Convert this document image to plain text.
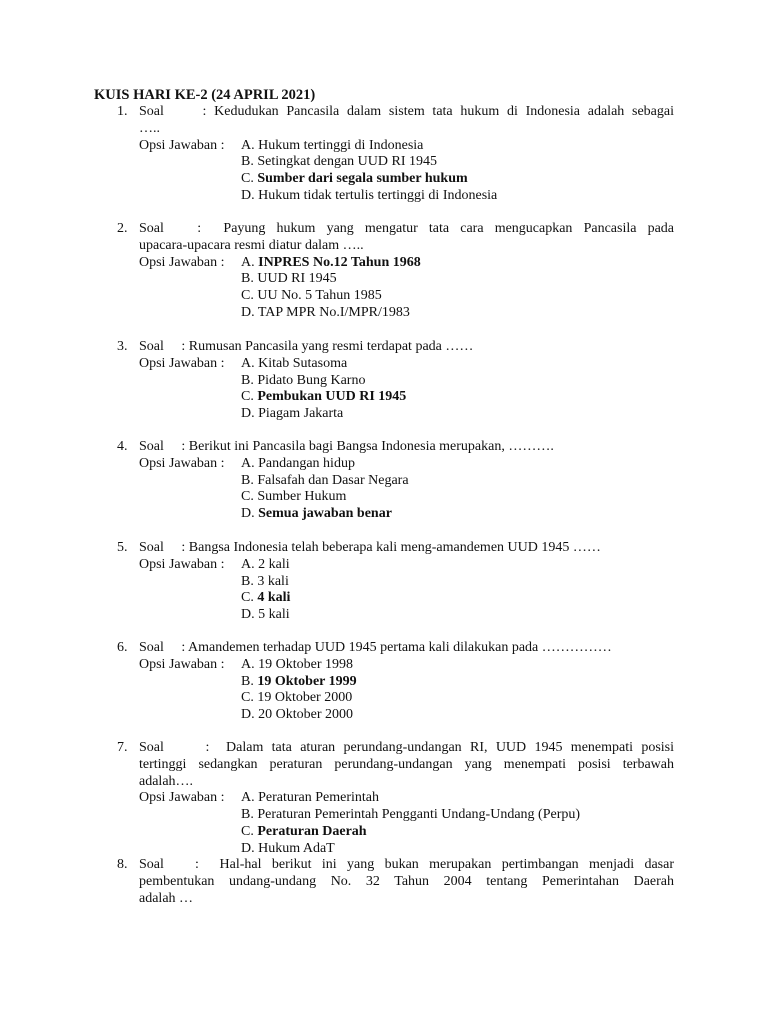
KUIS HARI KE-2 (24 APRIL 2021)
1. Soal     : Kedudukan Pancasila dalam sistem tata hukum di Indonesia adalah sebagai
…..
Opsi Jawaban :	A. Hukum tertinggi di Indonesia
B. Setingkat dengan UUD RI 1945
C. Sumber dari segala sumber hukum
D. Hukum tidak tertulis tertinggi di Indonesia
2. Soal   :  Payung hukum yang mengatur tata cara mengucapkan Pancasila pada
upacara-upacara resmi diatur dalam …..
Opsi Jawaban :	A. INPRES No.12 Tahun 1968
B. UUD RI 1945
C. UU No. 5 Tahun 1985
D. TAP MPR No.I/MPR/1983
3. Soal     : Rumusan Pancasila yang resmi terdapat pada ……
Opsi Jawaban :	A. Kitab Sutasoma
B. Pidato Bung Karno
C. Pembukan UUD RI 1945
D. Piagam Jakarta
4. Soal     : Berikut ini Pancasila bagi Bangsa Indonesia merupakan, ……….
Opsi Jawaban :	A. Pandangan hidup
B. Falsafah dan Dasar Negara
C. Sumber Hukum
D. Semua jawaban benar
5. Soal     : Bangsa Indonesia telah beberapa kali meng-amandemen UUD 1945 ……
Opsi Jawaban :	A. 2 kali
B. 3 kali
C. 4 kali
D. 5 kali
6. Soal     : Amandemen terhadap UUD 1945 pertama kali dilakukan pada ……………
Opsi Jawaban :	A. 19 Oktober 1998
B. 19 Oktober 1999
C. 19 Oktober 2000
D. 20 Oktober 2000
7. Soal     :  Dalam tata aturan perundang-undangan RI, UUD 1945 menempati posisi
tertinggi sedangkan peraturan perundang-undangan yang menempati posisi terbawah
adalah….
Opsi Jawaban :	A. Peraturan Pemerintah
B. Peraturan Pemerintah Pengganti Undang-Undang (Perpu)
C. Peraturan Daerah
D. Hukum AdaT
8. Soal   :  Hal-hal berikut ini yang bukan merupakan pertimbangan menjadi dasar
pembentukan undang-undang No. 32 Tahun 2004 tentang Pemerintahan Daerah
adalah …
